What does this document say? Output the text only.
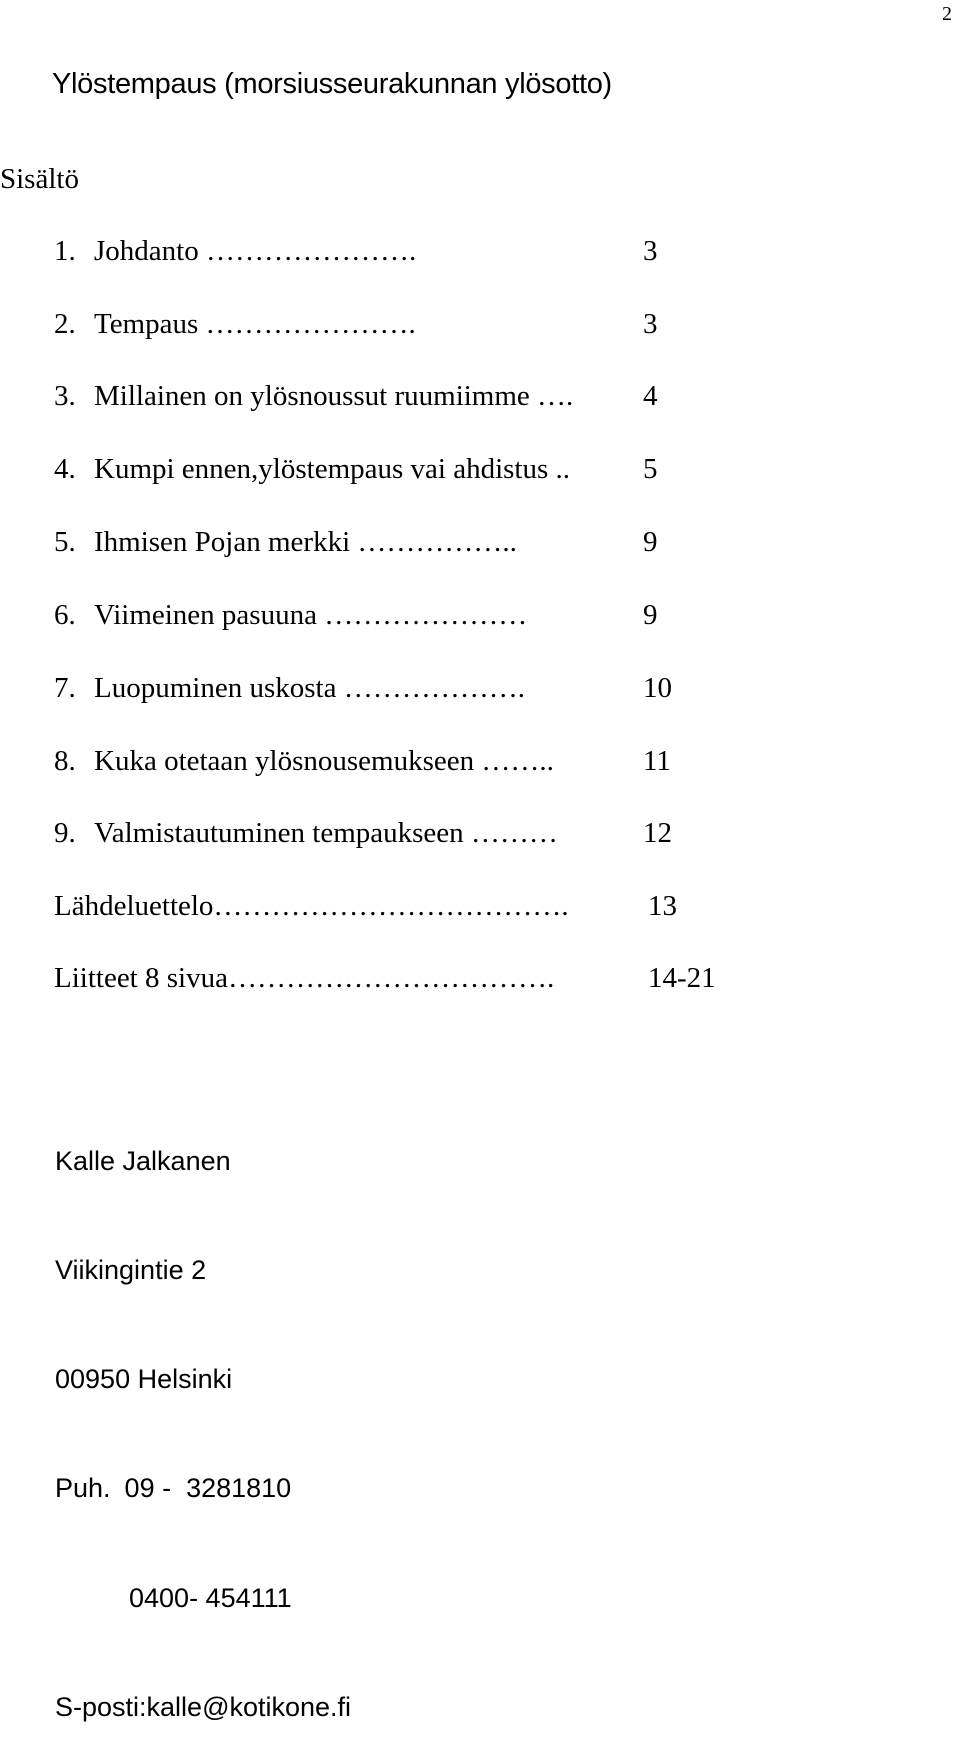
2
Ylöstempaus (morsiusseurakunnan ylösotto)
Sisältö
1. Johdanto ………………….	3
2. Tempaus ………………….	3
3. Millainen on ylösnoussut ruumiimme …. 4
4. Kumpi ennen,ylöstempaus vai ahdistus ..	5
5. Ihmisen Pojan merkki ……………..	9
6. Viimeinen pasuuna …………………	9
7. Luopuminen uskosta ……………….	10
8. Kuka otetaan ylösnousemukseen ……..	11
9. Valmistautuminen tempaukseen ………	12
Lähdeluettelo……………………………….	13
Liitteet 8 sivua…………………………….	14-21

Kalle Jalkanen

Viikingintie 2

00950 Helsinki

Puh. 09 -  3281810

0400- 454111

S-posti:kalle@kotikone.fi
